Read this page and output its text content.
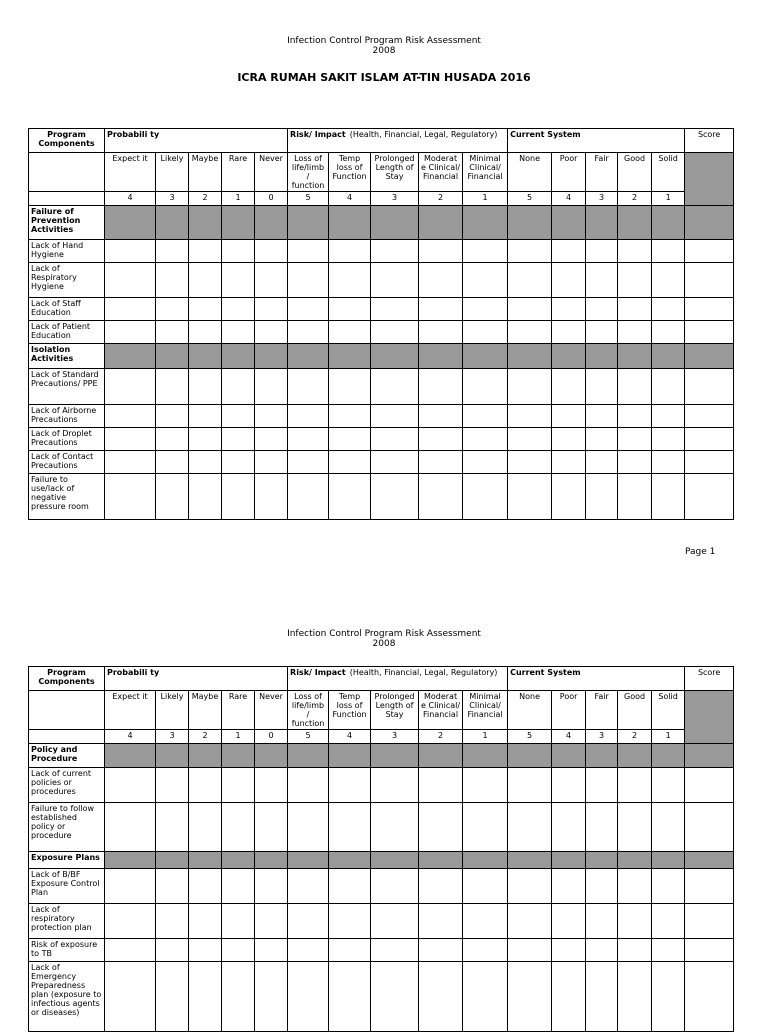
Infection Control Program Risk Assessment
2008
ICRA RUMAH SAKIT ISLAM AT-TIN HUSADA 2016
Program Components	Probabili ty					Risk/ Impact (Health, Financial, Legal, Regulatory)					Current System					Score
	Expect it	Likely	Maybe	Rare	Never	Loss of life/limb / function	Temp loss of Function	Prolonged Length of Stay	Moderat e Clinical/ Financial	Minimal Clinical/ Financial	None	Poor	Fair	Good	Solid	
	4	3	2	1	0	5	4	3	2	1	5	4	3	2	1	
Failure of Prevention Activities																
Lack of Hand Hygiene																
Lack of Respiratory Hygiene																
Lack of Staff Education																
Lack of Patient Education																
Isolation Activities																
Lack of Standard Precautions/ PPE																
Lack of Airborne Precautions																
Lack of Droplet Precautions																
Lack of Contact Precautions																
Failure to use/lack of negative pressure room																
Page 1
Infection Control Program Risk Assessment
2008
Program Components	Probabili ty					Risk/ Impact (Health, Financial, Legal, Regulatory)					Current System					Score
	Expect it	Likely	Maybe	Rare	Never	Loss of life/limb / function	Temp loss of Function	Prolonged Length of Stay	Moderat e Clinical/ Financial	Minimal Clinical/ Financial	None	Poor	Fair	Good	Solid	
	4	3	2	1	0	5	4	3	2	1	5	4	3	2	1	
Policy and Procedure																
Lack of current policies or procedures																
Failure to follow established policy or procedure																
Exposure Plans																
Lack of B/BF Exposure Control Plan																
Lack of respiratory protection plan																
Risk of exposure to TB																
Lack of Emergency Preparedness plan (exposure to infectious agents or diseases)																
